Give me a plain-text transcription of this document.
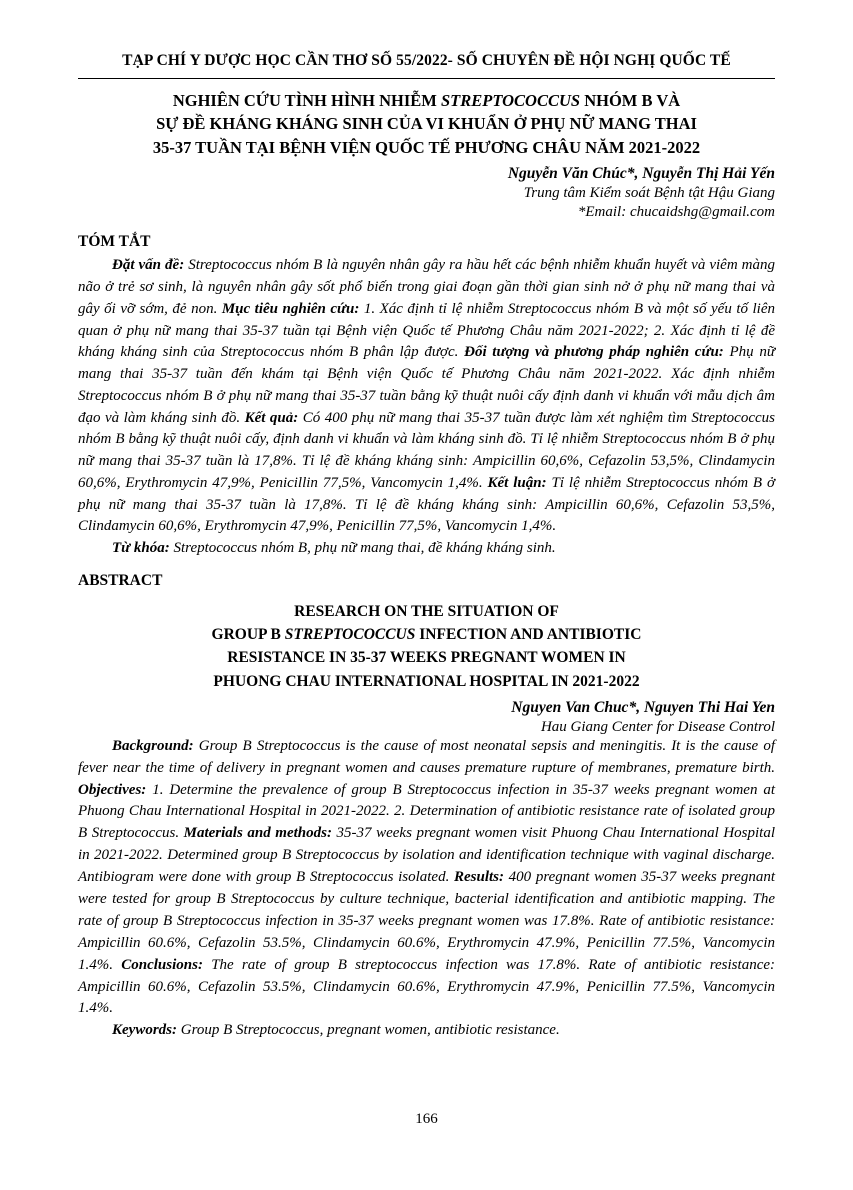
TẠP CHÍ Y DƯỢC HỌC CẦN THƠ SỐ 55/2022- SỐ CHUYÊN ĐỀ HỘI NGHỊ QUỐC TẾ
NGHIÊN CỨU TÌNH HÌNH NHIỄM STREPTOCOCCUS NHÓM B VÀ
SỰ ĐỀ KHÁNG KHÁNG SINH CỦA VI KHUẨN Ở PHỤ NỮ MANG THAI
35-37 TUẦN TẠI BỆNH VIỆN QUỐC TẾ PHƯƠNG CHÂU NĂM 2021-2022
Nguyễn Văn Chúc*, Nguyễn Thị Hải Yến
Trung tâm Kiểm soát Bệnh tật Hậu Giang
*Email: chucaidshg@gmail.com
TÓM TẮT

Đặt vấn đề: Streptococcus nhóm B là nguyên nhân gây ra hầu hết các bệnh nhiễm khuẩn huyết và viêm màng não ở trẻ sơ sinh, là nguyên nhân gây sốt phổ biến trong giai đoạn gần thời gian sinh nở ở phụ nữ mang thai và gây ối vỡ sớm, đẻ non. Mục tiêu nghiên cứu: 1. Xác định tỉ lệ nhiễm Streptococcus nhóm B và một số yếu tố liên quan ở phụ nữ mang thai 35-37 tuần tại Bệnh viện Quốc tế Phương Châu năm 2021-2022; 2. Xác định tỉ lệ đề kháng kháng sinh của Streptococcus nhóm B phân lập được. Đối tượng và phương pháp nghiên cứu: Phụ nữ mang thai 35-37 tuần đến khám tại Bệnh viện Quốc tế Phương Châu năm 2021-2022. Xác định nhiễm Streptococcus nhóm B ở phụ nữ mang thai 35-37 tuần bằng kỹ thuật nuôi cấy định danh vi khuẩn với mẫu dịch âm đạo và làm kháng sinh đồ. Kết quả: Có 400 phụ nữ mang thai 35-37 tuần được làm xét nghiệm tìm Streptococcus nhóm B bằng kỹ thuật nuôi cấy, định danh vi khuẩn và làm kháng sinh đồ. Tỉ lệ nhiễm Streptococcus nhóm B ở phụ nữ mang thai 35-37 tuần là 17,8%. Tỉ lệ đề kháng kháng sinh: Ampicillin 60,6%, Cefazolin 53,5%, Clindamycin 60,6%, Erythromycin 47,9%, Penicillin 77,5%, Vancomycin 1,4%. Kết luận: Tỉ lệ nhiễm Streptococcus nhóm B ở phụ nữ mang thai 35-37 tuần là 17,8%. Tỉ lệ đề kháng kháng sinh: Ampicillin 60,6%, Cefazolin 53,5%, Clindamycin 60,6%, Erythromycin 47,9%, Penicillin 77,5%, Vancomycin 1,4%.

Từ khóa: Streptococcus nhóm B, phụ nữ mang thai, đề kháng kháng sinh.

ABSTRACT
RESEARCH ON THE SITUATION OF
GROUP B STREPTOCOCCUS INFECTION AND ANTIBIOTIC
RESISTANCE IN 35-37 WEEKS PREGNANT WOMEN IN
PHUONG CHAU INTERNATIONAL HOSPITAL IN 2021-2022
Nguyen Van Chuc*, Nguyen Thi Hai Yen
Hau Giang Center for Disease Control

Background: Group B Streptococcus is the cause of most neonatal sepsis and meningitis. It is the cause of fever near the time of delivery in pregnant women and causes premature rupture of membranes, premature birth. Objectives: 1. Determine the prevalence of group B Streptococcus infection in 35-37 weeks pregnant women at Phuong Chau International Hospital in 2021-2022. 2. Determination of antibiotic resistance rate of isolated group B Streptococcus. Materials and methods: 35-37 weeks pregnant women visit Phuong Chau International Hospital in 2021-2022. Determined group B Streptococcus by isolation and identification technique with vaginal discharge. Antibiogram were done with group B Streptococcus isolated. Results: 400 pregnant women 35-37 weeks pregnant were tested for group B Streptococcus by culture technique, bacterial identification and antibiotic mapping. The rate of group B Streptococcus infection in 35-37 weeks pregnant women was 17.8%. Rate of antibiotic resistance: Ampicillin 60.6%, Cefazolin 53.5%, Clindamycin 60.6%, Erythromycin 47.9%, Penicillin 77.5%, Vancomycin 1.4%. Conclusions: The rate of group B streptococcus infection was 17.8%. Rate of antibiotic resistance: Ampicillin 60.6%, Cefazolin 53.5%, Clindamycin 60.6%, Erythromycin 47.9%, Penicillin 77.5%, Vancomycin 1.4%.

Keywords: Group B Streptococcus, pregnant women, antibiotic resistance.

166
